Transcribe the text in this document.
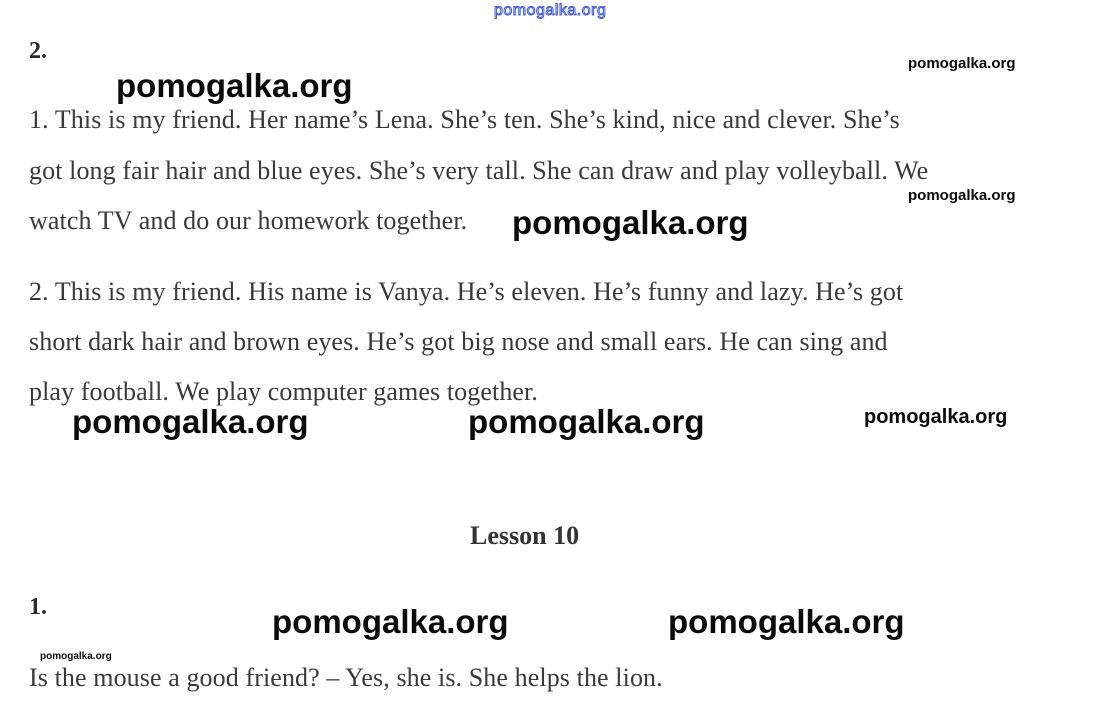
pomogalka.org
2.
1. This is my friend. Her name’s Lena. She’s ten. She’s kind, nice and clever. She’s
got long fair hair and blue eyes. She’s very tall. She can draw and play volleyball. We
watch TV and do our homework together.
2. This is my friend. His name is Vanya. He’s eleven. He’s funny and lazy. He’s got
short dark hair and brown eyes. He’s got big nose and small ears. He can sing and
play football. We play computer games together.
Lesson 10
1.
Is the mouse a good friend? – Yes, she is. She helps the lion.
pomogalka.org
pomogalka.org
pomogalka.org
pomogalka.org
pomogalka.org	pomogalka.org	pomogalka.org
pomogalka.org	pomogalka.org
pomogalka.org
